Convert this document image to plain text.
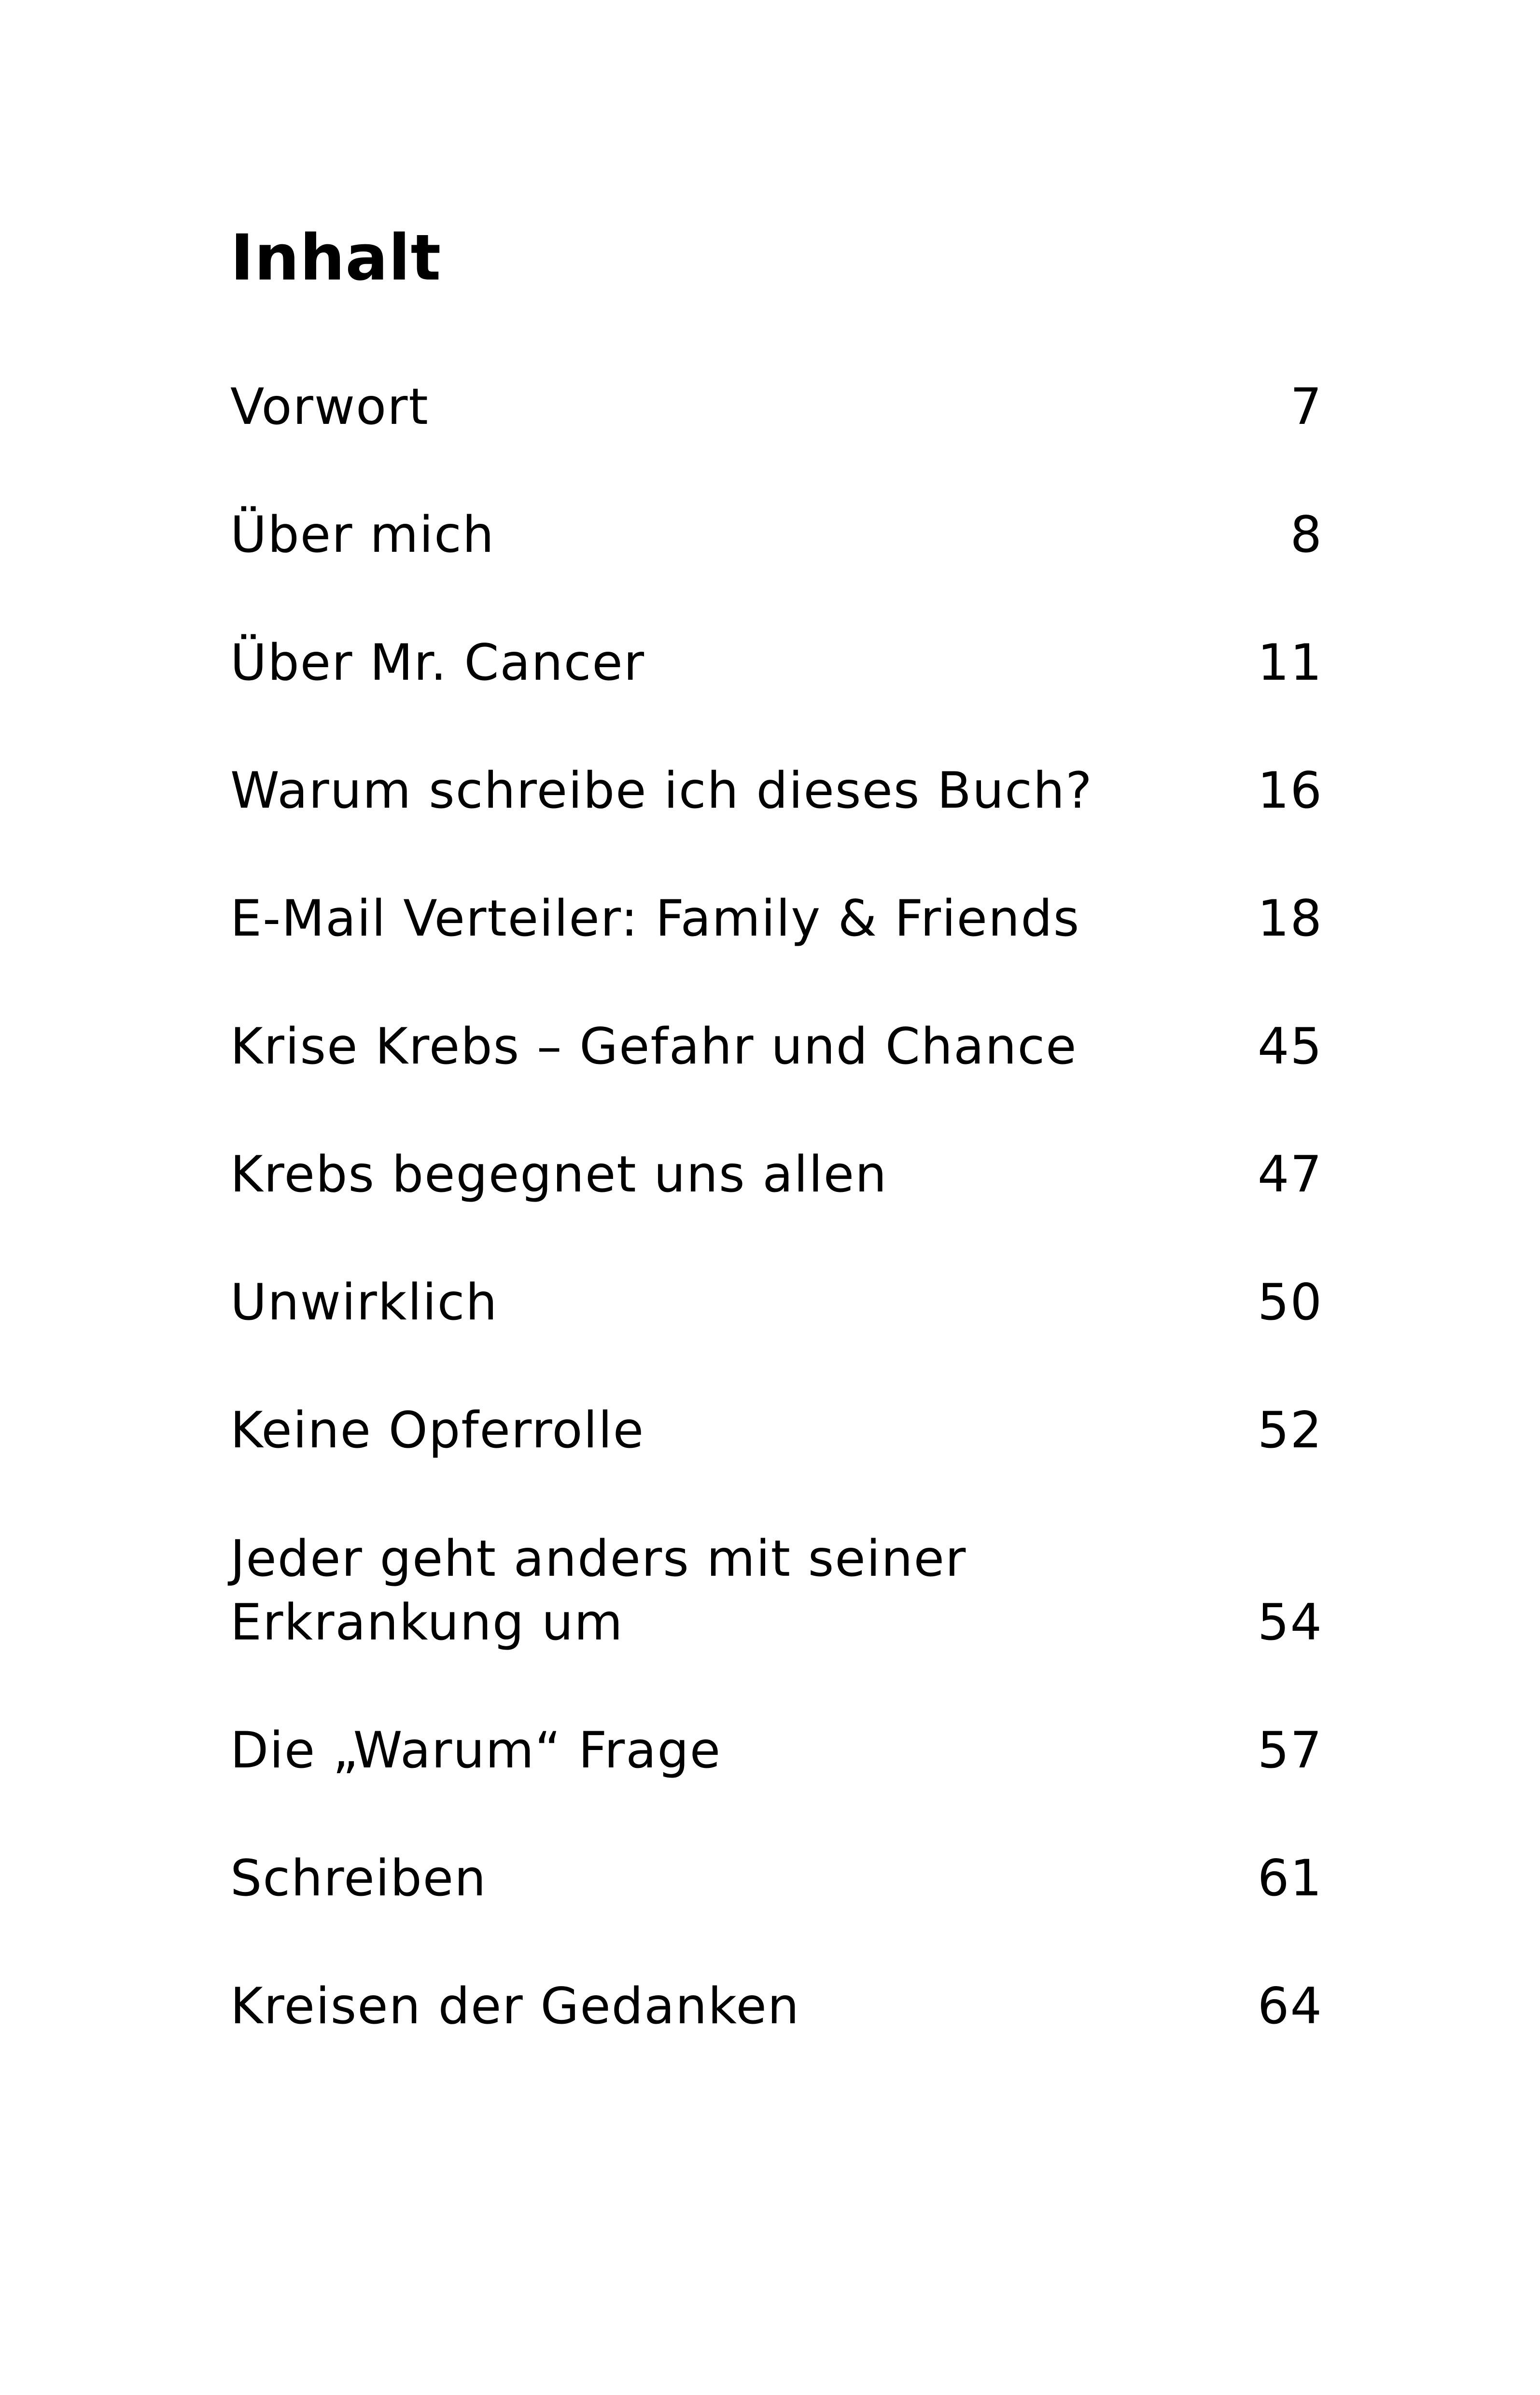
Inhalt
Vorwort	7
Über mich	8
Über Mr. Cancer	11
Warum schreibe ich dieses Buch?	16
E-Mail Verteiler: Family & Friends	18
Krise Krebs – Gefahr und Chance	45
Krebs begegnet uns allen	47
Unwirklich	50
Keine Opferrolle	52
Jeder geht anders mit seiner
Erkrankung um	54
Die „Warum“ Frage	57
Schreiben	61
Kreisen der Gedanken	64
